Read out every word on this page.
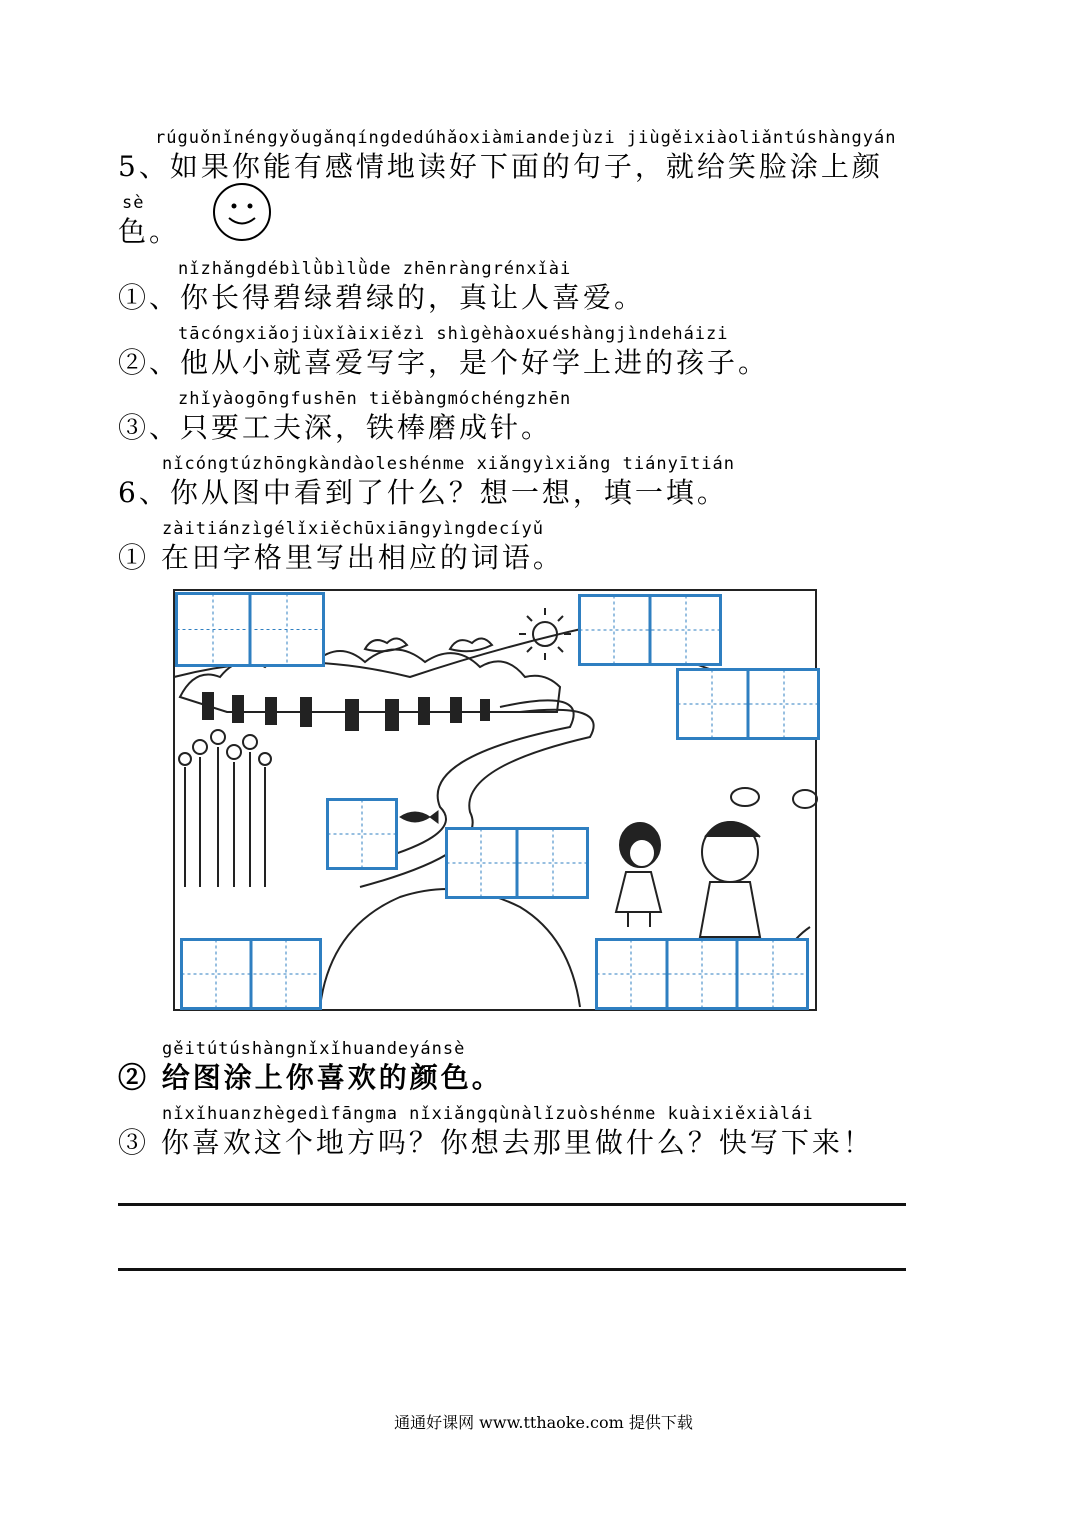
rúguǒnǐnéngyǒugǎnqíngdedúhǎoxiàmiandejùzi jiùgěixiàoliǎntúshàngyán
5、如果你能有感情地读好下面的句子，就给笑脸涂上颜
sè
色。
nǐzhǎngdébìlǜbìlǜde zhēnràngrénxǐài
①、你长得碧绿碧绿的，真让人喜爱。
tācóngxiǎojiùxǐàixiězì shìgèhàoxuéshàngjìndeháizi
②、他从小就喜爱写字，是个好学上进的孩子。
zhǐyàogōngfushēn tiěbàngmóchéngzhēn
③、只要工夫深，铁棒磨成针。
nǐcóngtúzhōngkàndàoleshénme xiǎngyìxiǎng tiányītián
6、你从图中看到了什么？想一想，填一填。
zàitiánzìgélǐxiěchūxiāngyìngdecíyǔ
① 在田字格里写出相应的词语。
gěitútúshàngnǐxǐhuandeyánsè
② 给图涂上你喜欢的颜色。
nǐxǐhuanzhègedìfāngma nǐxiǎngqùnàlǐzuòshénme kuàixiěxiàlái
③ 你喜欢这个地方吗？你想去那里做什么？快写下来！
通通好课网 www.tthaoke.com 提供下载
